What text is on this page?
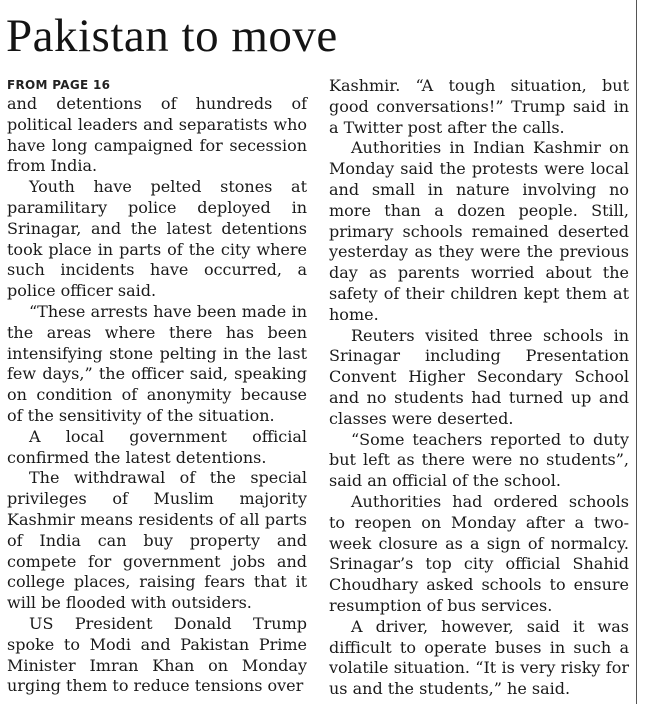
Pakistan to move

FROM PAGE 16

and detentions of hundreds of political leaders and separatists who have long campaigned for secession from India.

Youth have pelted stones at paramilitary police deployed in Srinagar, and the latest detentions took place in parts of the city where such incidents have occurred, a police officer said.

“These arrests have been made in the areas where there has been intensifying stone pelting in the last few days,” the officer said, speaking on condition of anonymity because of the sensitivity of the situation.

A local government official confirmed the latest detentions.

The withdrawal of the special privileges of Muslim majority Kashmir means residents of all parts of India can buy property and compete for government jobs and college places, raising fears that it will be flooded with outsiders.

US President Donald Trump spoke to Modi and Pakistan Prime Minister Imran Khan on Monday urging them to reduce tensions over

Kashmir. “A tough situation, but good conversations!” Trump said in a Twitter post after the calls.

Authorities in Indian Kashmir on Monday said the protests were local and small in nature involving no more than a dozen people. Still, primary schools remained deserted yesterday as they were the previous day as parents worried about the safety of their children kept them at home.

Reuters visited three schools in Srinagar including Presentation Convent Higher Secondary School and no students had turned up and classes were deserted.

“Some teachers reported to duty but left as there were no students”, said an official of the school.

Authorities had ordered schools to reopen on Monday after a two-week closure as a sign of normalcy. Srinagar’s top city official Shahid Choudhary asked schools to ensure resumption of bus services.

A driver, however, said it was difficult to operate buses in such a volatile situation. “It is very risky for us and the students,” he said.
